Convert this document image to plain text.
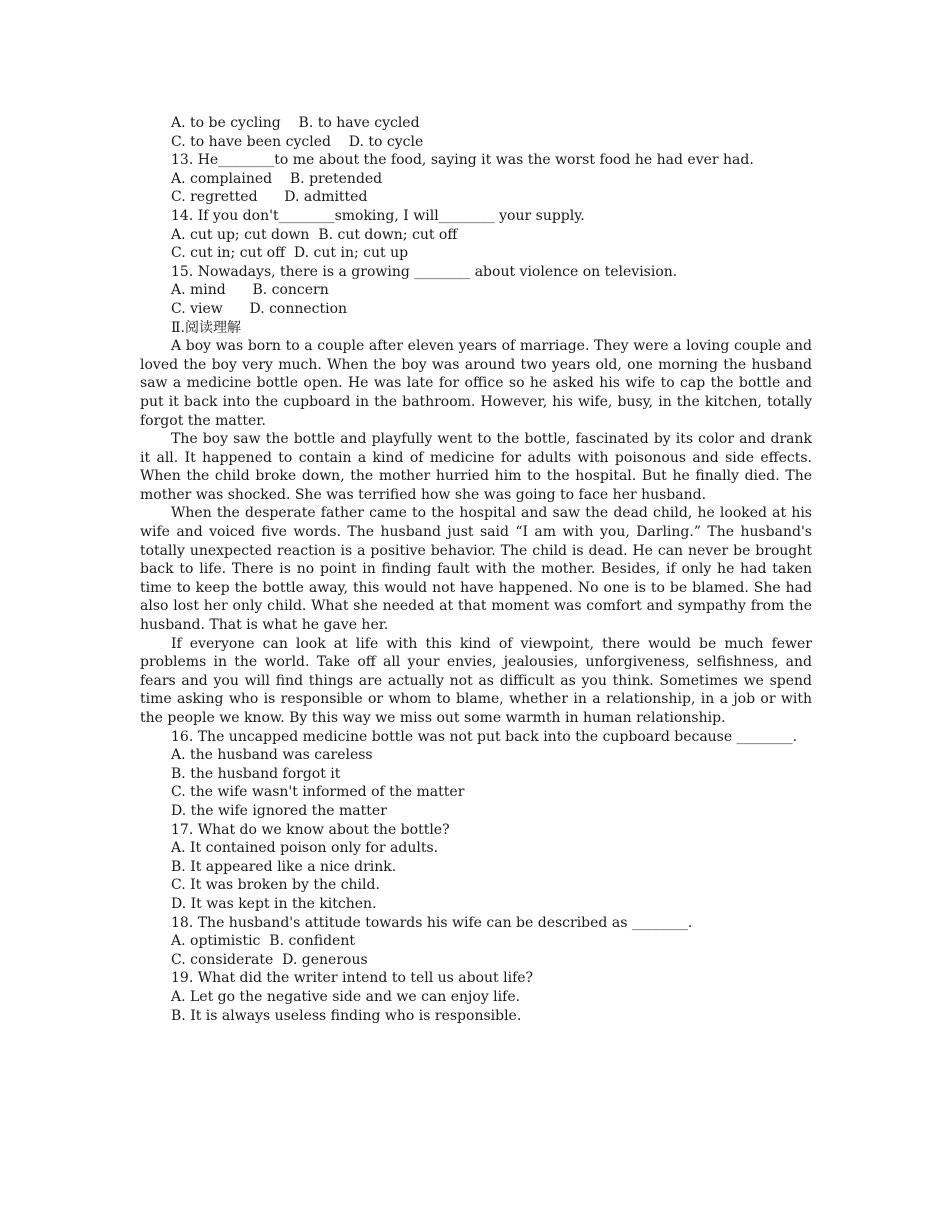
A. to be cycling    B. to have cycled
C. to have been cycled    D. to cycle

13. He________to me about the food, saying it was the worst food he had ever had.

A. complained    B. pretended
C. regretted      D. admitted

14. If you don't________smoking, I will________ your supply.

A. cut up; cut down  B. cut down; cut off
C. cut in; cut off  D. cut in; cut up

15. Nowadays, there is a growing ________ about violence on television.

A. mind      B. concern
C. view      D. connection
Ⅱ.阅读理解

A boy was born to a couple after eleven years of marriage. They were a loving couple and loved the boy very much. When the boy was around two years old, one morning the husband saw a medicine bottle open. He was late for office so he asked his wife to cap the bottle and put it back into the cupboard in the bathroom. However, his wife, busy, in the kitchen, totally forgot the matter.

The boy saw the bottle and playfully went to the bottle, fascinated by its color and drank it all. It happened to contain a kind of medicine for adults with poisonous and side effects. When the child broke down, the mother hurried him to the hospital. But he finally died. The mother was shocked. She was terrified how she was going to face her husband.

When the desperate father came to the hospital and saw the dead child, he looked at his wife and voiced five words. The husband just said “I am with you, Darling.” The husband's totally unexpected reaction is a positive behavior. The child is dead. He can never be brought back to life. There is no point in finding fault with the mother. Besides, if only he had taken time to keep the bottle away, this would not have happened. No one is to be blamed. She had also lost her only child. What she needed at that moment was comfort and sympathy from the husband. That is what he gave her.

If everyone can look at life with this kind of viewpoint, there would be much fewer problems in the world. Take off all your envies, jealousies, unforgiveness, selfishness, and fears and you will find things are actually not as difficult as you think. Sometimes we spend time asking who is responsible or whom to blame, whether in a relationship, in a job or with the people we know. By this way we miss out some warmth in human relationship.

16. The uncapped medicine bottle was not put back into the cupboard because ________.

A. the husband was careless
B. the husband forgot it
C. the wife wasn't informed of the matter
D. the wife ignored the matter

17. What do we know about the bottle?

A. It contained poison only for adults.
B. It appeared like a nice drink.
C. It was broken by the child.
D. It was kept in the kitchen.

18. The husband's attitude towards his wife can be described as ________.

A. optimistic  B. confident
C. considerate  D. generous

19. What did the writer intend to tell us about life?

A. Let go the negative side and we can enjoy life.
B. It is always useless finding who is responsible.
